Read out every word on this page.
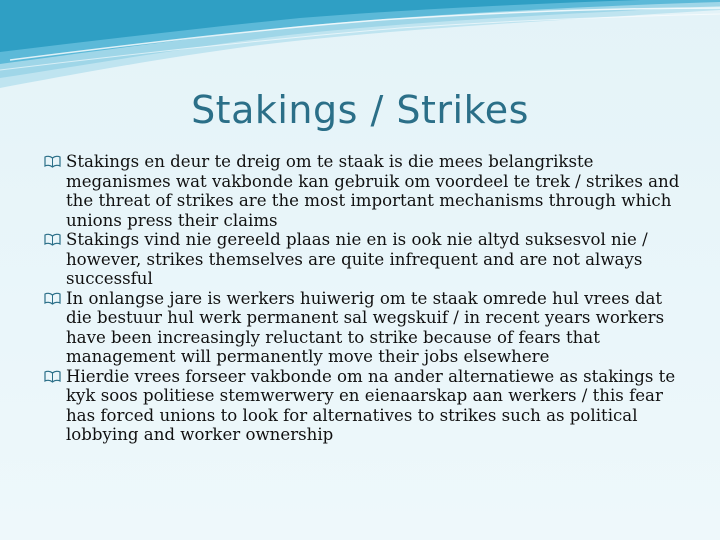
Stakings / Strikes
Stakings en deur te dreig om te staak is die mees belangrikste meganismes wat vakbonde kan gebruik om voordeel te trek / strikes and the threat of strikes are the most important mechanisms through which unions press their claims
Stakings vind nie gereeld plaas nie en is ook nie altyd suksesvol nie / however, strikes themselves are quite infrequent and are not always successful
In onlangse jare is werkers huiwerig om te staak omrede hul vrees dat die bestuur hul werk permanent sal wegskuif / in recent years workers have been increasingly reluctant to strike because of fears that management will permanently move their jobs elsewhere
Hierdie vrees forseer vakbonde om na ander alternatiewe as stakings te kyk soos politiese stemwerwery en eienaarskap aan werkers / this fear has forced unions to look for alternatives to strikes such as political lobbying and worker ownership
